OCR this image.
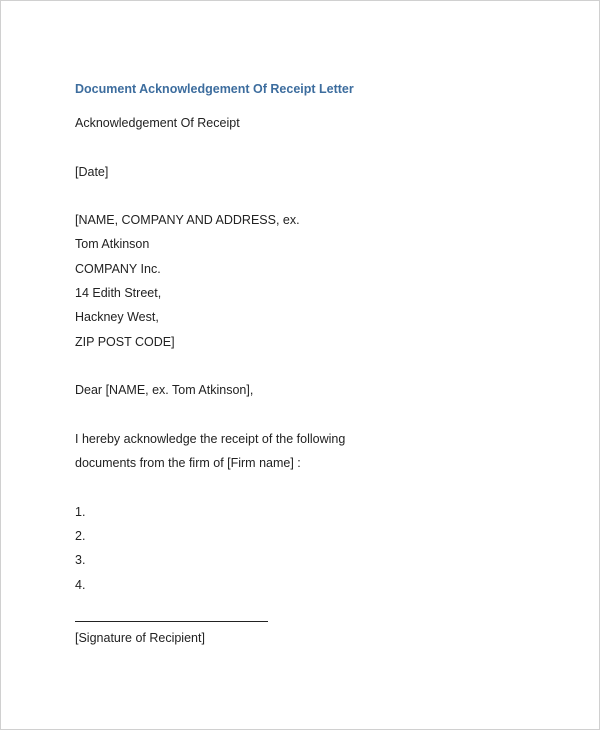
Document Acknowledgement Of Receipt Letter
Acknowledgement Of Receipt
[Date]
[NAME, COMPANY AND ADDRESS, ex.
Tom Atkinson
COMPANY Inc.
14 Edith Street,
Hackney West,
ZIP POST CODE]
Dear [NAME, ex. Tom Atkinson],
I hereby acknowledge the receipt of the following
documents from the firm of [Firm name] :
1.
2.
3.
4.
[Signature of Recipient]
